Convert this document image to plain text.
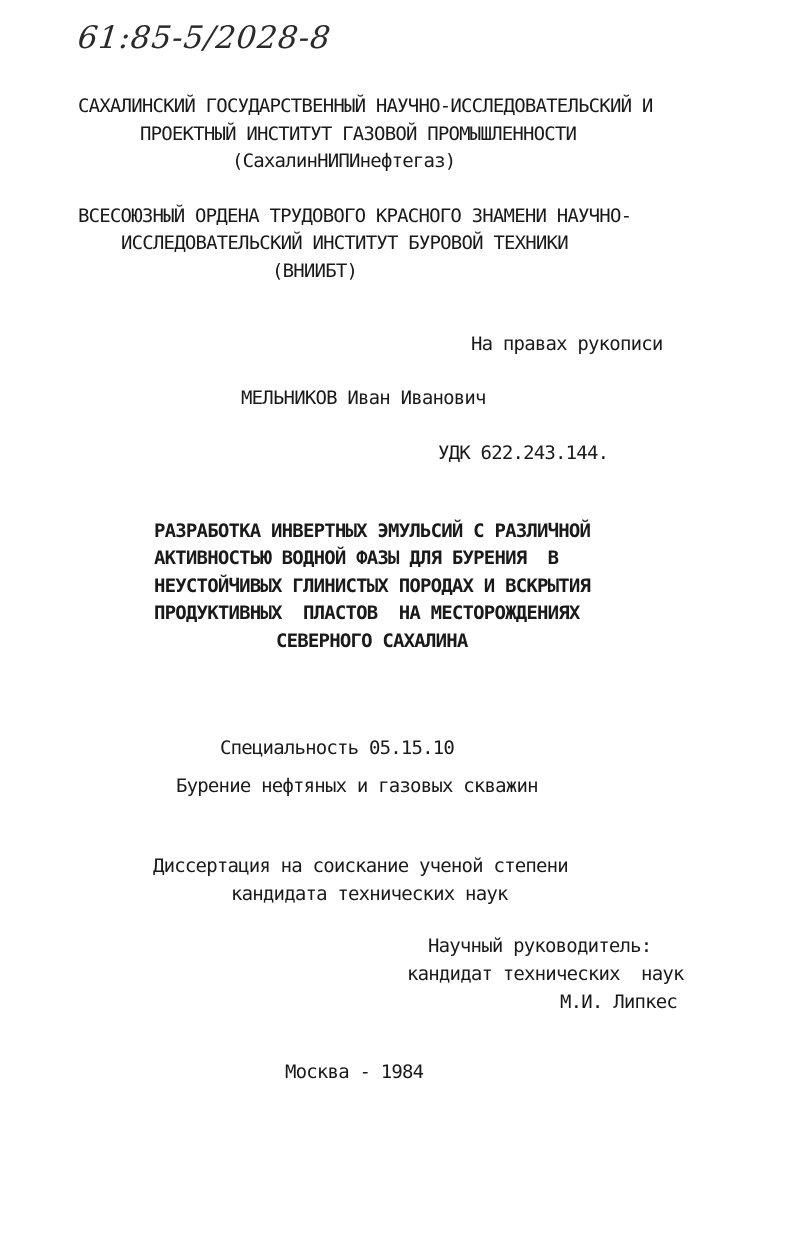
61:85-5/2028-8
САХАЛИНСКИЙ ГОСУДАРСТВЕННЫЙ НАУЧНО-ИССЛЕДОВАТЕЛЬСКИЙ И
ПРОЕКТНЫЙ ИНСТИТУТ ГАЗОВОЙ ПРОМЫШЛЕННОСТИ
(СахалинНИПИнефтегаз)
ВСЕСОЮЗНЫЙ ОРДЕНА ТРУДОВОГО КРАСНОГО ЗНАМЕНИ НАУЧНО-
ИССЛЕДОВАТЕЛЬСКИЙ ИНСТИТУТ БУРОВОЙ ТЕХНИКИ
(ВНИИБТ)
На правах рукописи
МЕЛЬНИКОВ Иван Иванович
УДК 622.243.144.
РАЗРАБОТКА ИНВЕРТНЫХ ЭМУЛЬСИЙ С РАЗЛИЧНОЙ
АКТИВНОСТЬЮ ВОДНОЙ ФАЗЫ ДЛЯ БУРЕНИЯ  В
НЕУСТОЙЧИВЫХ ГЛИНИСТЫХ ПОРОДАХ И ВСКРЫТИЯ
ПРОДУКТИВНЫХ  ПЛАСТОВ  НА МЕСТОРОЖДЕНИЯХ
СЕВЕРНОГО САХАЛИНА
Специальность 05.15.10
Бурение нефтяных и газовых скважин
Диссертация на соискание ученой степени
кандидата технических наук
Научный руководитель:
кандидат технических  наук
М.И. Липкес
Москва - 1984
